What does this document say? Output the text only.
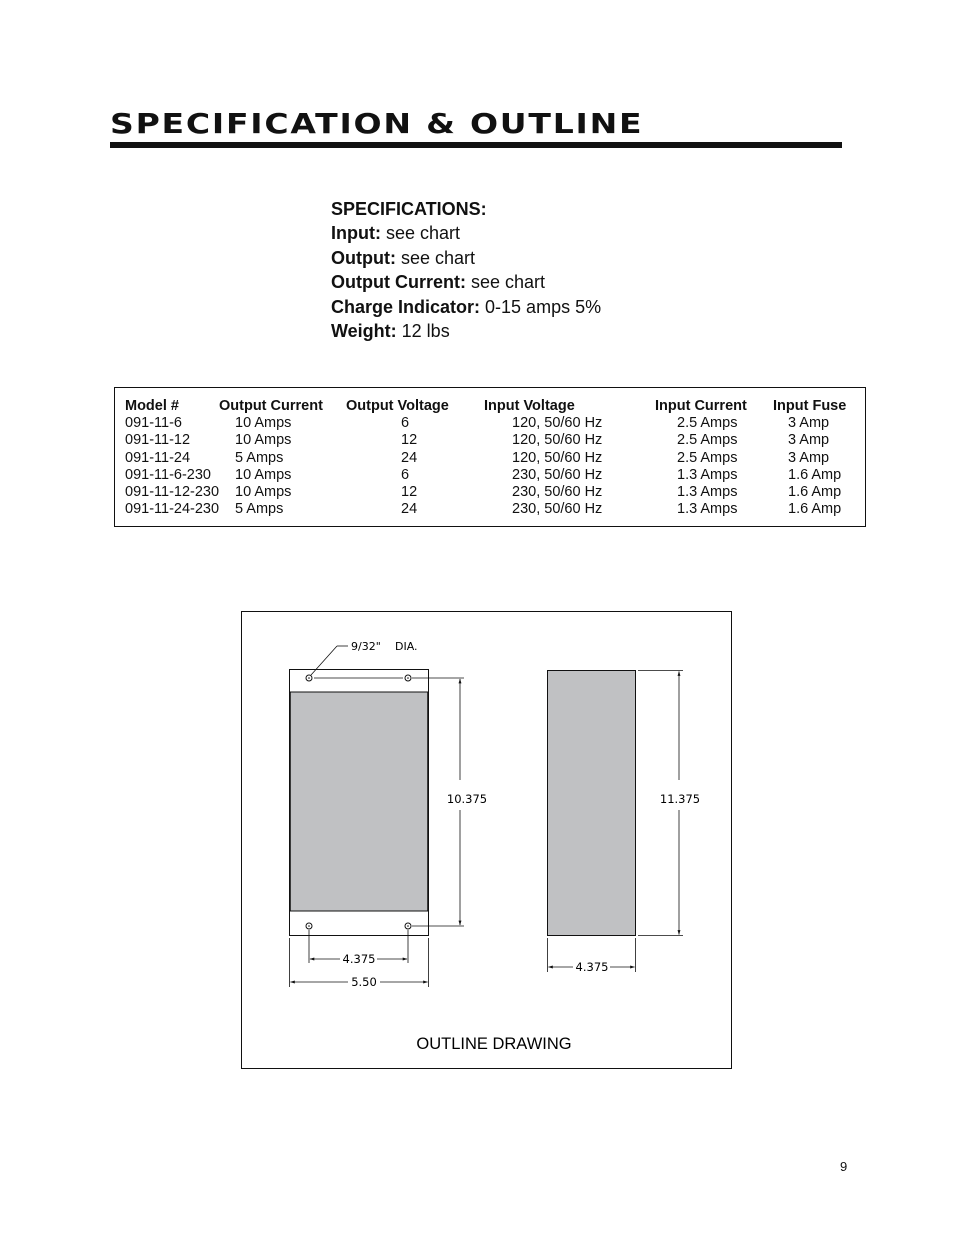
SPECIFICATION & OUTLINE
SPECIFICATIONS:
Input: see chart
Output: see chart
Output Current: see chart
Charge Indicator: 0-15 amps 5%
Weight: 12 lbs
Model #
091-11-6
091-11-12
091-11-24
091-11-6-230
091-11-12-230
091-11-24-230
Output Current
10 Amps
10 Amps
5 Amps
10 Amps
10 Amps
5 Amps
Output Voltage
6
12
24
6
12
24
Input Voltage
120, 50/60 Hz
120, 50/60 Hz
120, 50/60 Hz
230, 50/60 Hz
230, 50/60 Hz
230, 50/60 Hz
Input Current
2.5 Amps
2.5 Amps
2.5 Amps
1.3 Amps
1.3 Amps
1.3 Amps
Input Fuse
3 Amp
3 Amp
3 Amp
1.6 Amp
1.6 Amp
1.6 Amp
9/32" DIA.
10.375
4.375
5.50
11.375
4.375
OUTLINE DRAWING
9
